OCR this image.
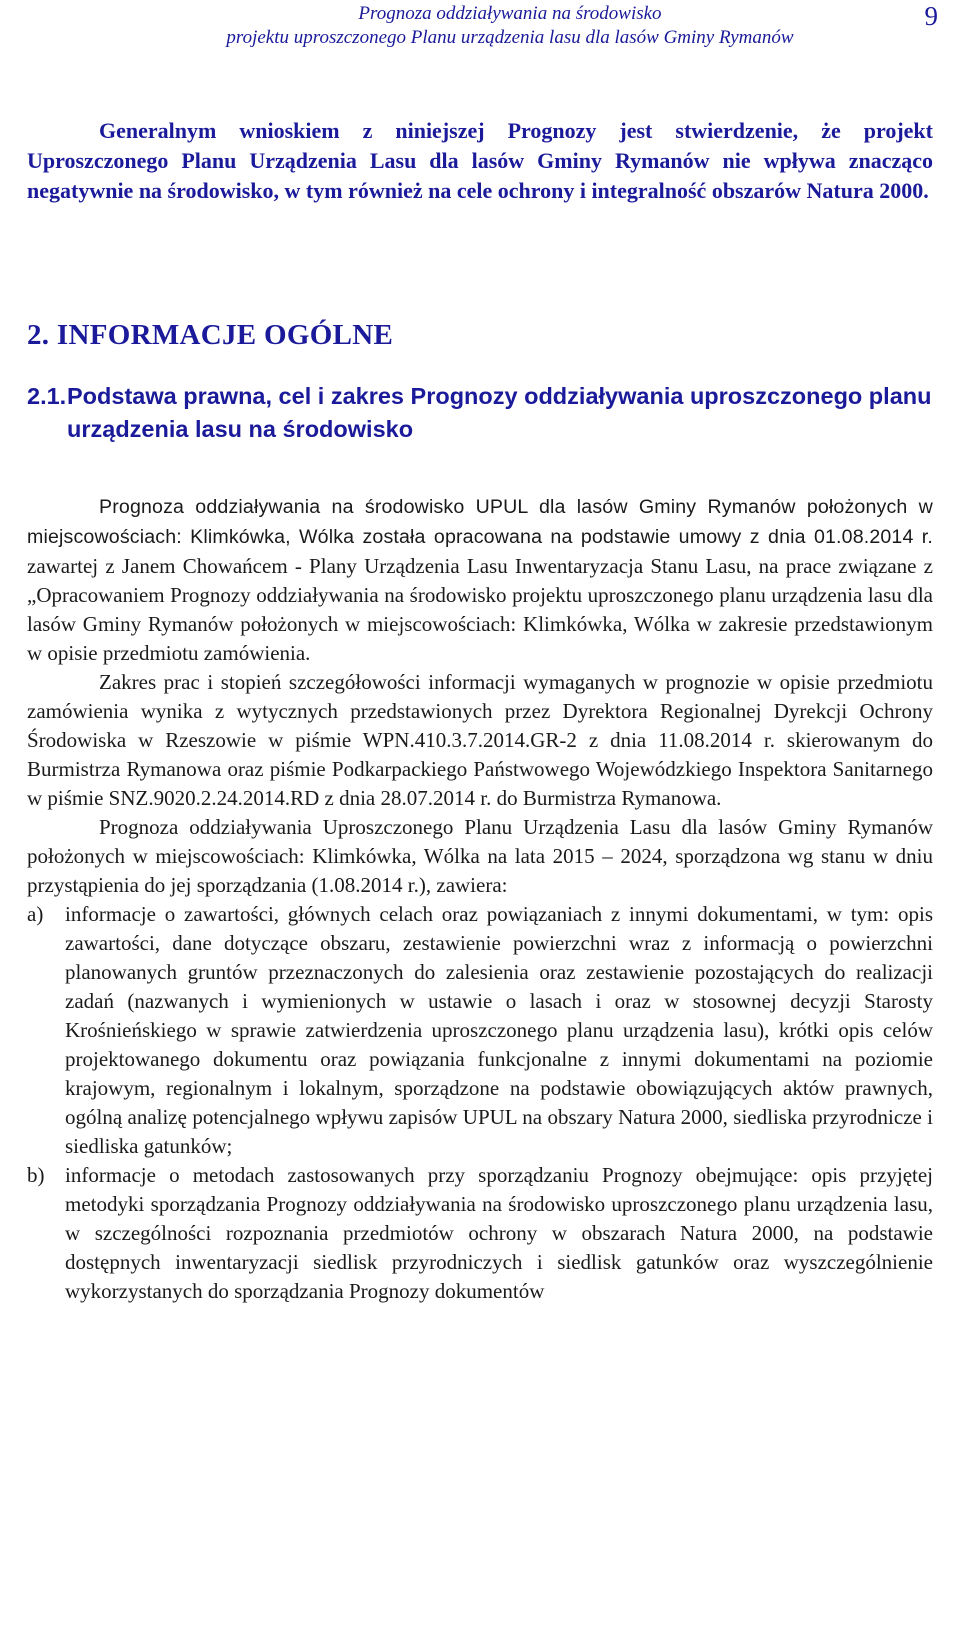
Prognoza oddziaływania na środowisko
projektu uproszczonego Planu urządzenia lasu dla lasów Gminy Rymanów
9

Generalnym wnioskiem z niniejszej Prognozy jest stwierdzenie, że projekt Uproszczonego Planu Urządzenia Lasu dla lasów Gminy Rymanów nie wpływa znacząco negatywnie na środowisko, w tym również na cele ochrony i integralność obszarów Natura 2000.

2. INFORMACJE OGÓLNE
2.1. Podstawa prawna, cel i zakres Prognozy oddziaływania uproszczonego planu urządzenia lasu na środowisko

Prognoza oddziaływania na środowisko UPUL dla lasów Gminy Rymanów położonych w miejscowościach: Klimkówka, Wólka została opracowana na podstawie umowy z dnia 01.08.2014 r. zawartej z Janem Chowańcem - Plany Urządzenia Lasu Inwentaryzacja Stanu Lasu, na prace związane z „Opracowaniem Prognozy oddziaływania na środowisko projektu uproszczonego planu urządzenia lasu dla lasów Gminy Rymanów położonych w miejscowościach: Klimkówka, Wólka w zakresie przedstawionym w opisie przedmiotu zamówienia.

Zakres prac i stopień szczegółowości informacji wymaganych w prognozie w opisie przedmiotu zamówienia wynika z wytycznych przedstawionych przez Dyrektora Regionalnej Dyrekcji Ochrony Środowiska w Rzeszowie w piśmie WPN.410.3.7.2014.GR-2 z dnia 11.08.2014 r. skierowanym do Burmistrza Rymanowa oraz piśmie Podkarpackiego Państwowego Wojewódzkiego Inspektora Sanitarnego w piśmie SNZ.9020.2.24.2014.RD z dnia 28.07.2014 r. do Burmistrza Rymanowa.

Prognoza oddziaływania Uproszczonego Planu Urządzenia Lasu dla lasów Gminy Rymanów położonych w miejscowościach: Klimkówka, Wólka na lata 2015 – 2024, sporządzona wg stanu w dniu przystąpienia do jej sporządzania (1.08.2014 r.), zawiera:

a)	informacje o zawartości, głównych celach oraz powiązaniach z innymi dokumentami, w tym: opis zawartości, dane dotyczące obszaru, zestawienie powierzchni wraz z informacją o powierzchni planowanych gruntów przeznaczonych do zalesienia oraz zestawienie pozostających do realizacji zadań (nazwanych i wymienionych w ustawie o lasach i oraz w stosownej decyzji Starosty Krośnieńskiego w sprawie zatwierdzenia uproszczonego planu urządzenia lasu), krótki opis celów projektowanego dokumentu oraz powiązania funkcjonalne z innymi dokumentami na poziomie krajowym, regionalnym i lokalnym, sporządzone na podstawie obowiązujących aktów prawnych, ogólną analizę potencjalnego wpływu zapisów UPUL na obszary Natura 2000, siedliska przyrodnicze i siedliska gatunków;
b) informacje o metodach zastosowanych przy sporządzaniu Prognozy obejmujące: opis przyjętej metodyki sporządzania Prognozy oddziaływania na środowisko uproszczonego planu urządzenia lasu, w szczególności rozpoznania przedmiotów ochrony w obszarach Natura 2000, na podstawie dostępnych inwentaryzacji siedlisk przyrodniczych i siedlisk gatunków oraz wyszczególnienie wykorzystanych do sporządzania Prognozy dokumentów
